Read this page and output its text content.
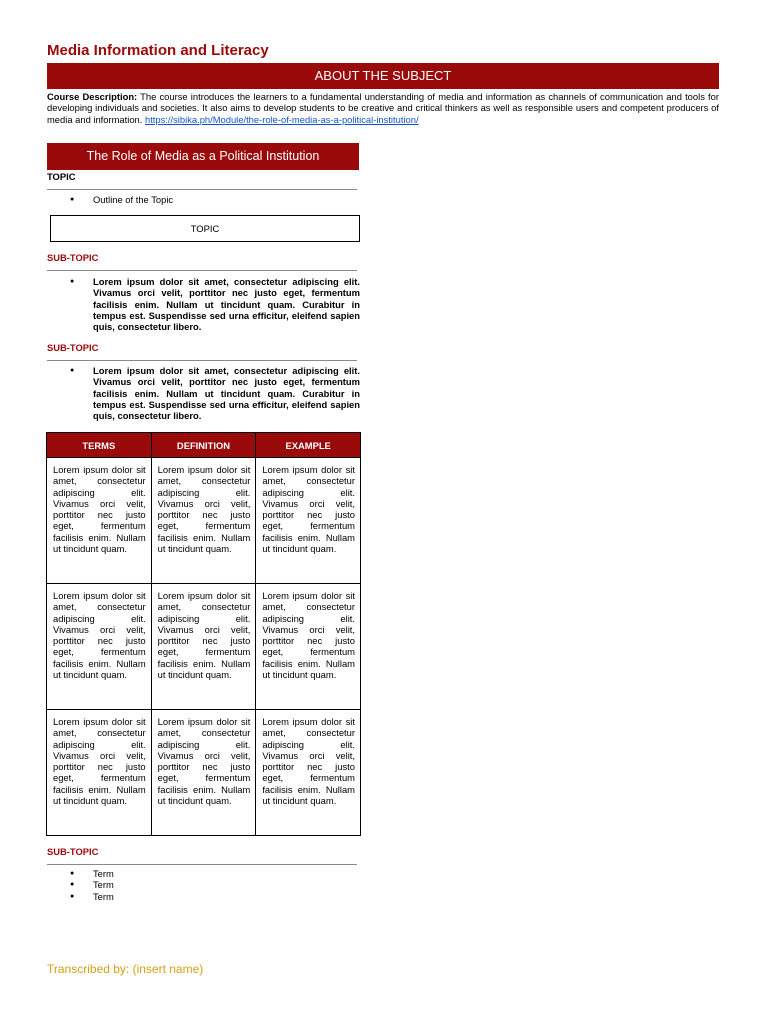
Media Information and Literacy
ABOUT THE SUBJECT

Course Description: The course introduces the learners to a fundamental understanding of media and information as channels of communication and tools for developing individuals and societies. It also aims to develop students to be creative and critical thinkers as well as responsible users and competent producers of media and information. https://sibika.ph/Module/the-role-of-media-as-a-political-institution/

The Role of Media as a Political Institution

TOPIC

● Outline of the Topic
TOPIC

SUB-TOPIC

● Lorem ipsum dolor sit amet, consectetur adipiscing elit. Vivamus orci velit, porttitor nec justo eget, fermentum facilisis enim. Nullam ut tincidunt quam. Curabitur in tempus est. Suspendisse sed urna efficitur, eleifend sapien quis, consectetur libero.

SUB-TOPIC

● Lorem ipsum dolor sit amet, consectetur adipiscing elit. Vivamus orci velit, porttitor nec justo eget, fermentum facilisis enim. Nullam ut tincidunt quam. Curabitur in tempus est. Suspendisse sed urna efficitur, eleifend sapien quis, consectetur libero.
TERMS	DEFINITION	EXAMPLE
Lorem ipsum dolor sit amet, consectetur adipiscing elit. Vivamus orci velit, porttitor nec justo eget, fermentum facilisis enim. Nullam ut tincidunt quam.	Lorem ipsum dolor sit amet, consectetur adipiscing elit. Vivamus orci velit, porttitor nec justo eget, fermentum facilisis enim. Nullam ut tincidunt quam.	Lorem ipsum dolor sit amet, consectetur adipiscing elit. Vivamus orci velit, porttitor nec justo eget, fermentum facilisis enim. Nullam ut tincidunt quam.
Lorem ipsum dolor sit amet, consectetur adipiscing elit. Vivamus orci velit, porttitor nec justo eget, fermentum facilisis enim. Nullam ut tincidunt quam.	Lorem ipsum dolor sit amet, consectetur adipiscing elit. Vivamus orci velit, porttitor nec justo eget, fermentum facilisis enim. Nullam ut tincidunt quam.	Lorem ipsum dolor sit amet, consectetur adipiscing elit. Vivamus orci velit, porttitor nec justo eget, fermentum facilisis enim. Nullam ut tincidunt quam.
Lorem ipsum dolor sit amet, consectetur adipiscing elit. Vivamus orci velit, porttitor nec justo eget, fermentum facilisis enim. Nullam ut tincidunt quam.	Lorem ipsum dolor sit amet, consectetur adipiscing elit. Vivamus orci velit, porttitor nec justo eget, fermentum facilisis enim. Nullam ut tincidunt quam.	Lorem ipsum dolor sit amet, consectetur adipiscing elit. Vivamus orci velit, porttitor nec justo eget, fermentum facilisis enim. Nullam ut tincidunt quam.

SUB-TOPIC

● Term
● Term
● Term

Transcribed by: (insert name)
